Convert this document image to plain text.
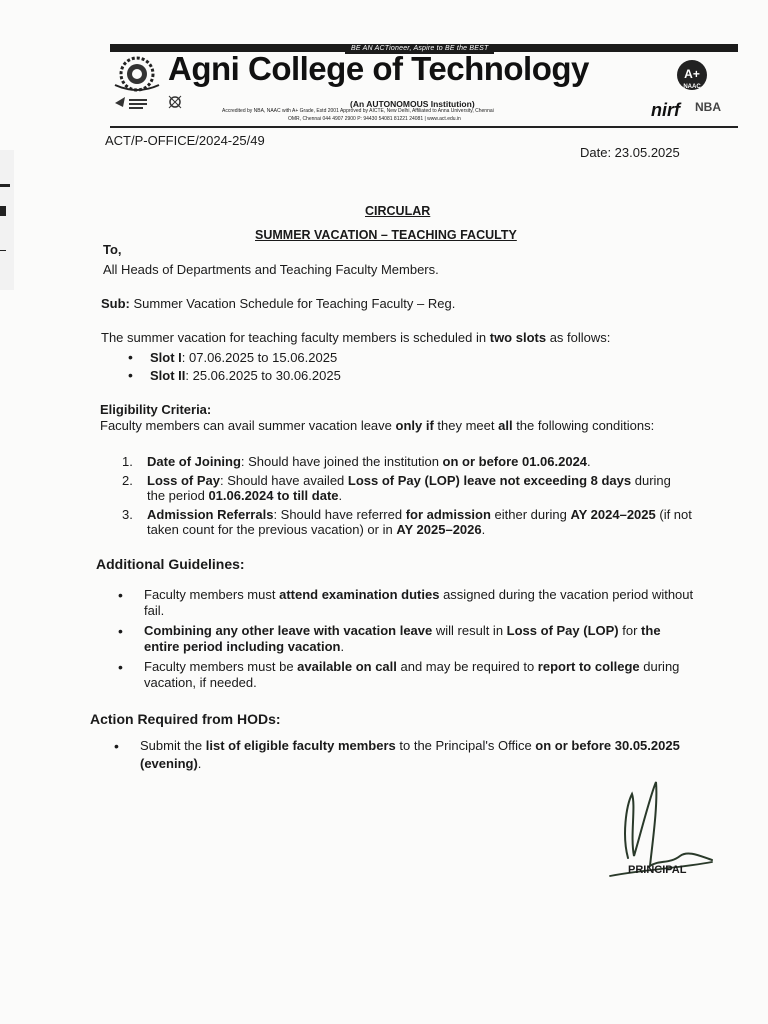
BE AN ACTioneer, Aspire to BE the BEST
Agni College of Technology	A+
NAAC
(An AUTONOMOUS Institution)
Accredited by NBA, NAAC with A+ Grade, Estd 2001 Approved by AICTE, New Delhi, Affiliated to Anna University, Chennai
OMR, Chennai 044 4907 2900 P: 94430 54081 81221 24081 | www.act.edu.in	nirf NBA
ACT/P-OFFICE/2024-25/49
Date: 23.05.2025
CIRCULAR
SUMMER VACATION – TEACHING FACULTY
To,
All Heads of Departments and Teaching Faculty Members.
Sub: Summer Vacation Schedule for Teaching Faculty – Reg.
The summer vacation for teaching faculty members is scheduled in two slots as follows:
• Slot I: 07.06.2025 to 15.06.2025
• Slot II: 25.06.2025 to 30.06.2025
Eligibility Criteria:
Faculty members can avail summer vacation leave only if they meet all the following conditions:
1. Date of Joining: Should have joined the institution on or before 01.06.2024.
2. Loss of Pay: Should have availed Loss of Pay (LOP) leave not exceeding 8 days during the period 01.06.2024 to till date.
3. Admission Referrals: Should have referred for admission either during AY 2024–2025 (if not taken count for the previous vacation) or in AY 2025–2026.
Additional Guidelines:
• Faculty members must attend examination duties assigned during the vacation period without fail.
• Combining any other leave with vacation leave will result in Loss of Pay (LOP) for the entire period including vacation.
• Faculty members must be available on call and may be required to report to college during vacation, if needed.
Action Required from HODs:
• Submit the list of eligible faculty members to the Principal's Office on or before 30.05.2025 (evening).
PRINCIPAL
